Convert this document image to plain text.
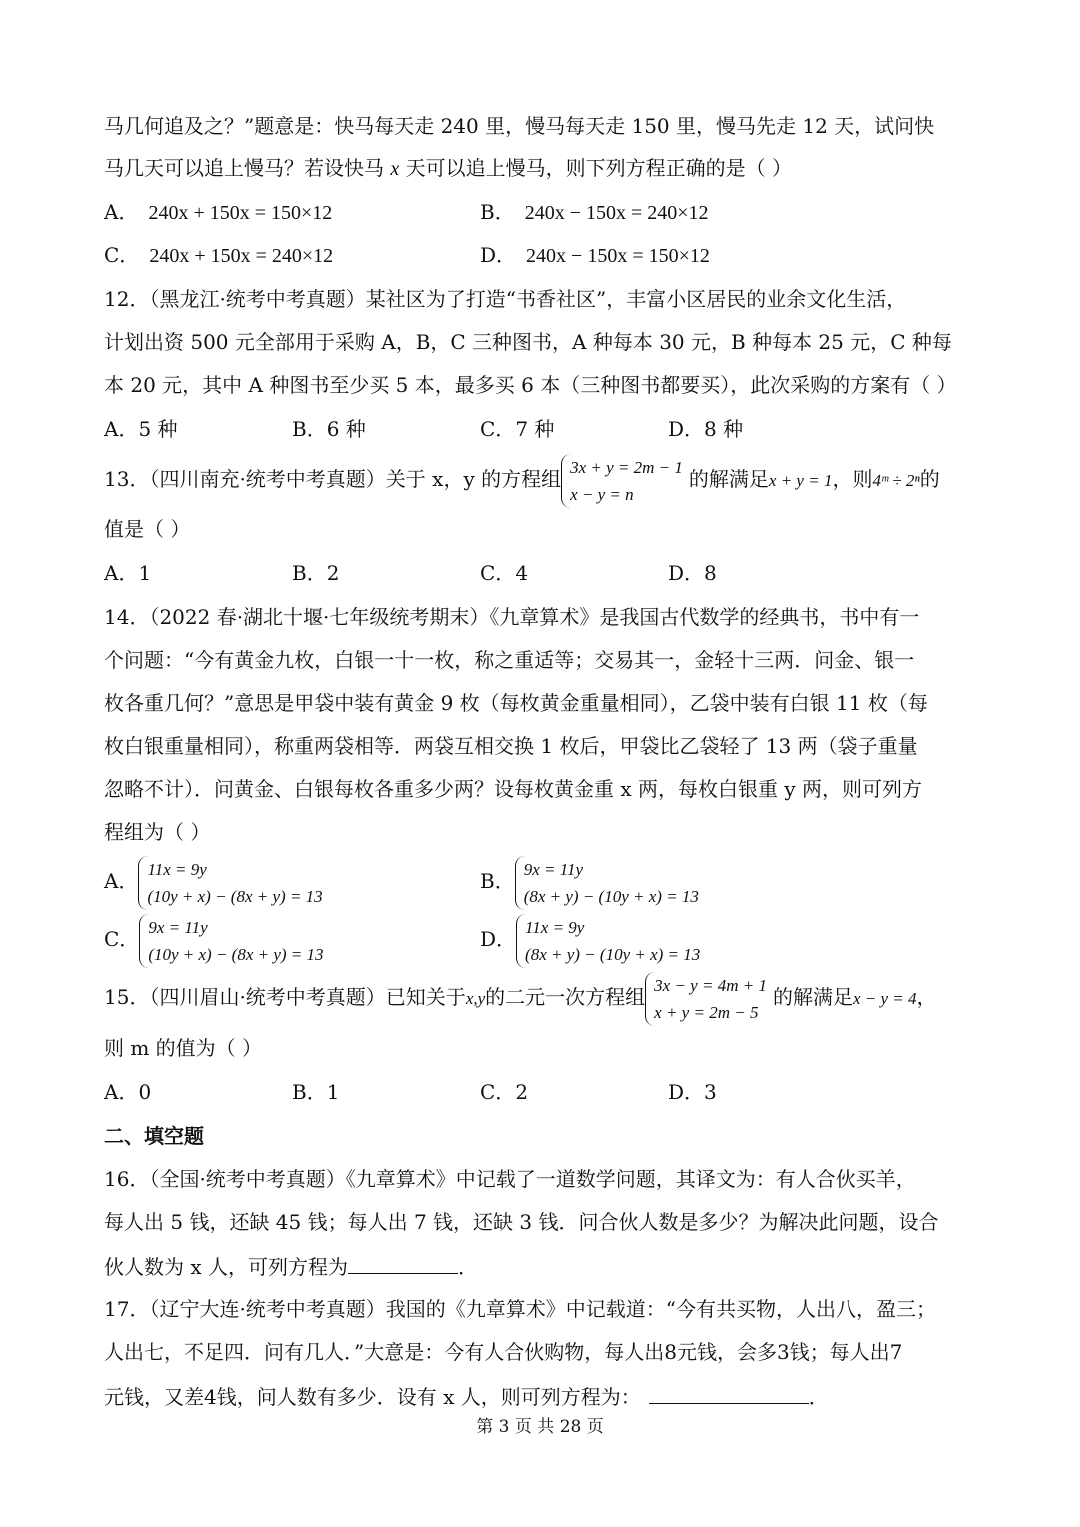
马几何追及之？”题意是：快马每天走 240 里，慢马每天走 150 里，慢马先走 12 天，试问快
马几天可以追上慢马？若设快马 x 天可以追上慢马，则下列方程正确的是（ ）
A． 240x + 150x = 150×12	B． 240x − 150x = 240×12
C． 240x + 150x = 240×12	D． 240x − 150x = 150×12
12．（黑龙江·统考中考真题）某社区为了打造“书香社区”，丰富小区居民的业余文化生活，
计划出资 500 元全部用于采购 A，B，C 三种图书，A 种每本 30 元，B 种每本 25 元，C 种每
本 20 元，其中 A 种图书至少买 5 本，最多买 6 本（三种图书都要买），此次采购的方案有（ ）
A．5 种	B．6 种	C．7 种	D．8 种
13．（四川南充·统考中考真题）关于 x，y 的方程组 3x + y = 2m − 1
x − y = n
的解满足x + y = 1，则4ᵐ ÷ 2ⁿ的
值是（ ）
A．1	B．2	C．4	D．8
14．（2022 春·湖北十堰·七年级统考期末）《九章算术》是我国古代数学的经典书，书中有一
个问题：“今有黄金九枚，白银一十一枚，称之重适等；交易其一，金轻十三两．问金、银一
枚各重几何？”意思是甲袋中装有黄金 9 枚（每枚黄金重量相同），乙袋中装有白银 11 枚（每
枚白银重量相同），称重两袋相等．两袋互相交换 1 枚后，甲袋比乙袋轻了 13 两（袋子重量
忽略不计）．问黄金、白银每枚各重多少两？设每枚黄金重 x 两，每枚白银重 y 两，则可列方
程组为（ ）
A． 11x = 9y
(10y + x) − (8x + y) = 13
B． 9x = 11y
(8x + y) − (10y + x) = 13
C． 9x = 11y
(10y + x) − (8x + y) = 13
D． 11x = 9y
(8x + y) − (10y + x) = 13
15．（四川眉山·统考中考真题）已知关于x,y的二元一次方程组 3x − y = 4m + 1
x + y = 2m − 5
的解满足x − y = 4，
则 m 的值为（ ）
A．0	B．1	C．2	D．3
二、填空题
16．（全国·统考中考真题）《九章算术》中记载了一道数学问题，其译文为：有人合伙买羊，
每人出 5 钱，还缺 45 钱；每人出 7 钱，还缺 3 钱．问合伙人数是多少？为解决此问题，设合
伙人数为 x 人，可列方程为	．
17．（辽宁大连·统考中考真题）我国的《九章算术》中记载道：“今有共买物，人出八，盈三；
人出七，不足四．问有几人．”大意是：今有人合伙购物，每人出8元钱，会多3钱；每人出7
元钱，又差4钱，问人数有多少．设有 x 人，则可列方程为：	．
第 3 页 共 28 页
